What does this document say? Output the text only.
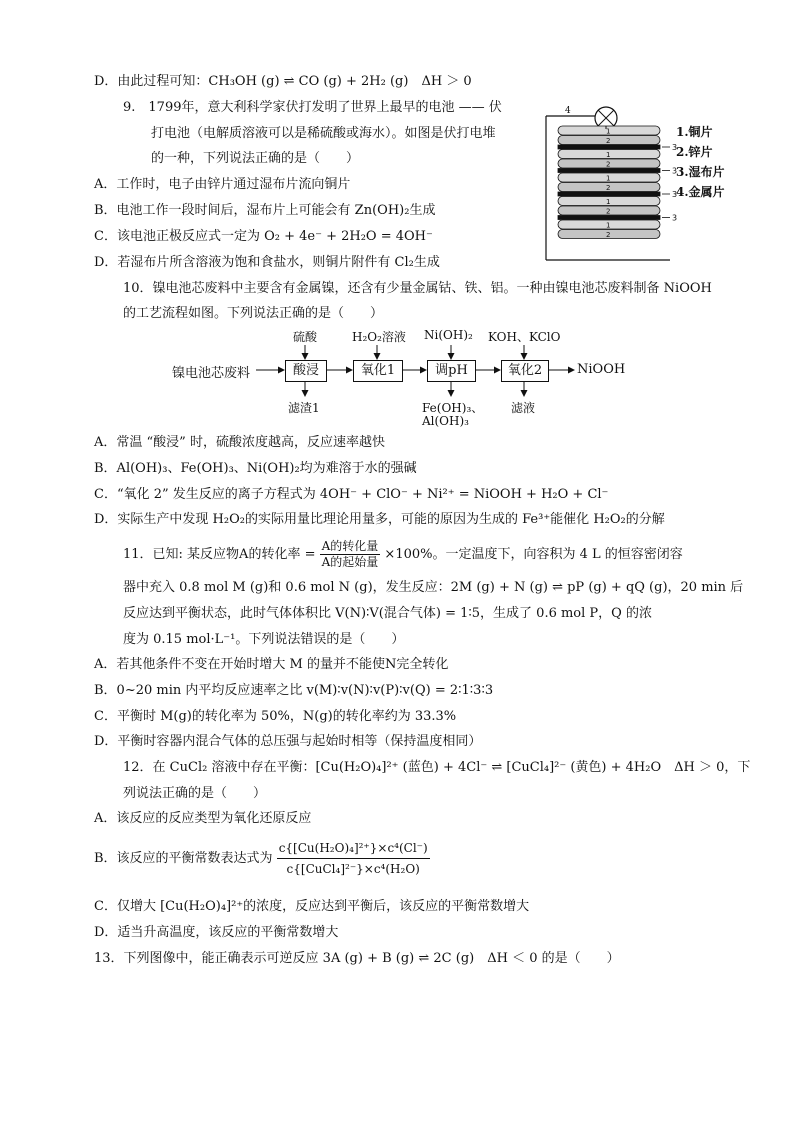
D．由此过程可知：CH₃OH (g) ⇌ CO (g) + 2H₂ (g)　ΔH ＞ 0
9.　1799年，意大利科学家伏打发明了世界上最早的电池 —— 伏
打电池（电解质溶液可以是稀硫酸或海水）。如图是伏打电堆
的一种，下列说法正确的是（　　）
A．工作时，电子由锌片通过湿布片流向铜片
B．电池工作一段时间后，湿布片上可能会有 Zn(OH)₂生成
C．该电池正极反应式一定为 O₂ + 4e⁻ + 2H₂O = 4OH⁻
D．若湿布片所含溶液为饱和食盐水，则铜片附件有 Cl₂生成
1
2
3
1
2
3
1
2
3
1
2
3
1
2
4
1.铜片
2.锌片
3.湿布片
4.金属片
10．镍电池芯废料中主要含有金属镍，还含有少量金属钴、铁、铝。一种由镍电池芯废料制备 NiOOH
的工艺流程如图。下列说法正确的是（　　）
镍电池芯废料	酸浸	氧化1	调pH	氧化2	NiOOH
硫酸	H₂O₂溶液 Ni(OH)₂ KOH、KClO
滤渣1	Fe(OH)₃、
Al(OH)₃
滤液
A．常温 “酸浸” 时，硫酸浓度越高，反应速率越快
B．Al(OH)₃、Fe(OH)₃、Ni(OH)₂均为难溶于水的强碱
C．“氧化 2” 发生反应的离子方程式为 4OH⁻ + ClO⁻ + Ni²⁺ = NiOOH + H₂O + Cl⁻
D．实际生产中发现 H₂O₂的实际用量比理论用量多，可能的原因为生成的 Fe³⁺能催化 H₂O₂的分解
11．已知: 某反应物A的转化率 = $\frac{\text{A的转化量}}{\text{A的起始量}} \times 100\%$。一定温度下，向容积为 4 L 的恒容密闭容
器中充入 0.8 mol M (g)和 0.6 mol N (g)，发生反应：2M (g) + N (g) ⇌ pP (g) + qQ (g)，20 min 后
反应达到平衡状态，此时气体体积比 V(N)∶V(混合气体) = 1∶5，生成了 0.6 mol P，Q 的浓
度为 0.15 mol·L⁻¹。下列说法错误的是（　　）
A．若其他条件不变在开始时增大 M 的量并不能使N完全转化
B．0~20 min 内平均反应速率之比 v(M)∶v(N)∶v(P)∶v(Q) = 2∶1∶3∶3
C．平衡时 M(g)的转化率为 50%，N(g)的转化率约为 33.3%
D．平衡时容器内混合气体的总压强与起始时相等（保持温度相同）
12．在 CuCl₂ 溶液中存在平衡：[Cu(H₂O)₄]²⁺ (蓝色) + 4Cl⁻ ⇌ [CuCl₄]²⁻ (黄色) + 4H₂O　ΔH ＞ 0，下
列说法正确的是（　　）
A．该反应的反应类型为氧化还原反应
B．该反应的平衡常数表达式为 $\frac{\text{c\{[Cu(H₂O)₄]²⁺\}×c⁴(Cl⁻)}}{\text{c\{[CuCl₄]²⁻\}×c⁴(H₂O)}}$
C．仅增大 [Cu(H₂O)₄]²⁺的浓度，反应达到平衡后，该反应的平衡常数增大
D．适当升高温度，该反应的平衡常数增大
13．下列图像中，能正确表示可逆反应 3A (g) + B (g) ⇌ 2C (g)　ΔH ＜ 0 的是（　　）
